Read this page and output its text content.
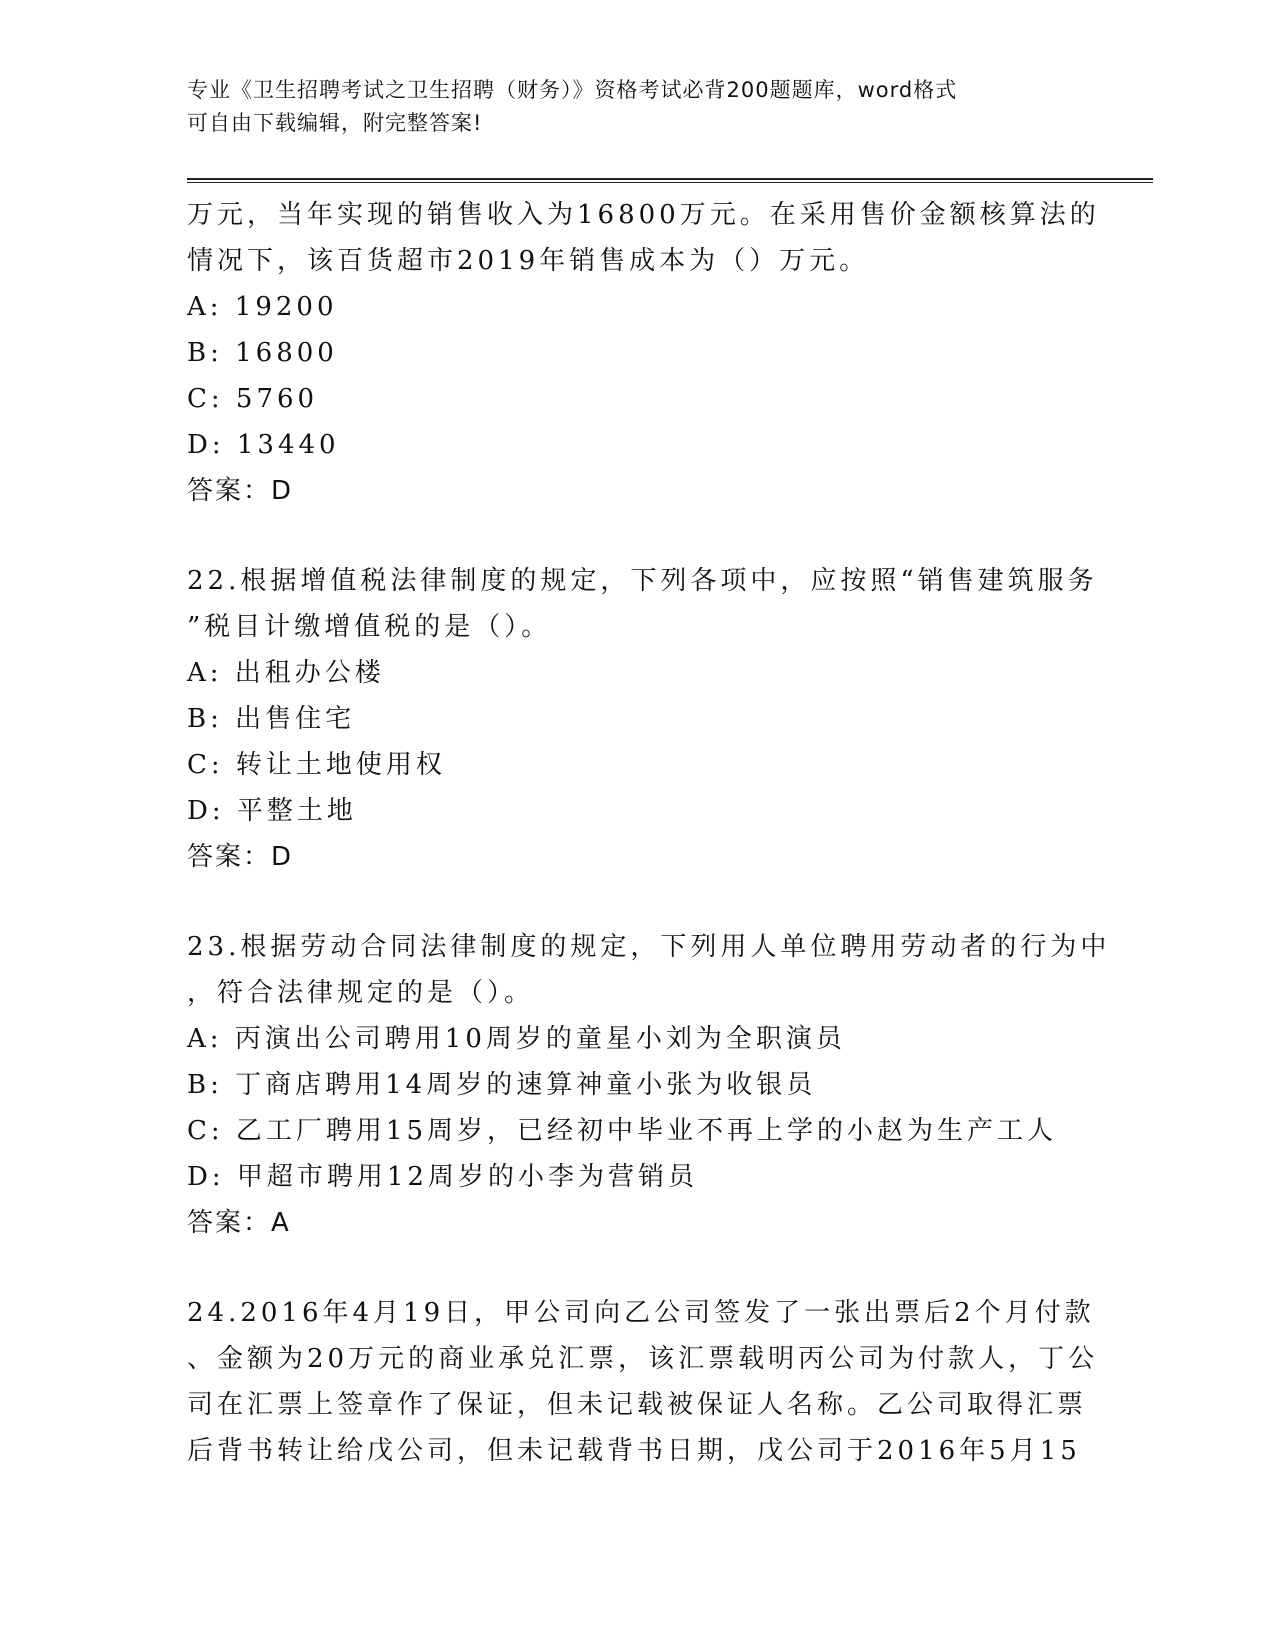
专业《卫生招聘考试之卫生招聘（财务）》资格考试必背200题题库，word格式

可自由下载编辑，附完整答案!

万元，当年实现的销售收入为16800万元。在采用售价金额核算法的
情况下，该百货超市2019年销售成本为（）万元。
A: 19200
B: 16800
C: 5760
D: 13440
答案：D
22.根据增值税法律制度的规定，下列各项中，应按照“销售建筑服务
”税目计缴增值税的是（）。
A: 出租办公楼
B: 出售住宅
C: 转让土地使用权
D: 平整土地
答案：D
23.根据劳动合同法律制度的规定，下列用人单位聘用劳动者的行为中
，符合法律规定的是（）。
A: 丙演出公司聘用10周岁的童星小刘为全职演员
B: 丁商店聘用14周岁的速算神童小张为收银员
C: 乙工厂聘用15周岁，已经初中毕业不再上学的小赵为生产工人
D: 甲超市聘用12周岁的小李为营销员
答案：A
24.2016年4月19日，甲公司向乙公司签发了一张出票后2个月付款
、金额为20万元的商业承兑汇票，该汇票载明丙公司为付款人，丁公
司在汇票上签章作了保证，但未记载被保证人名称。乙公司取得汇票
后背书转让给戊公司，但未记载背书日期，戊公司于2016年5月15
